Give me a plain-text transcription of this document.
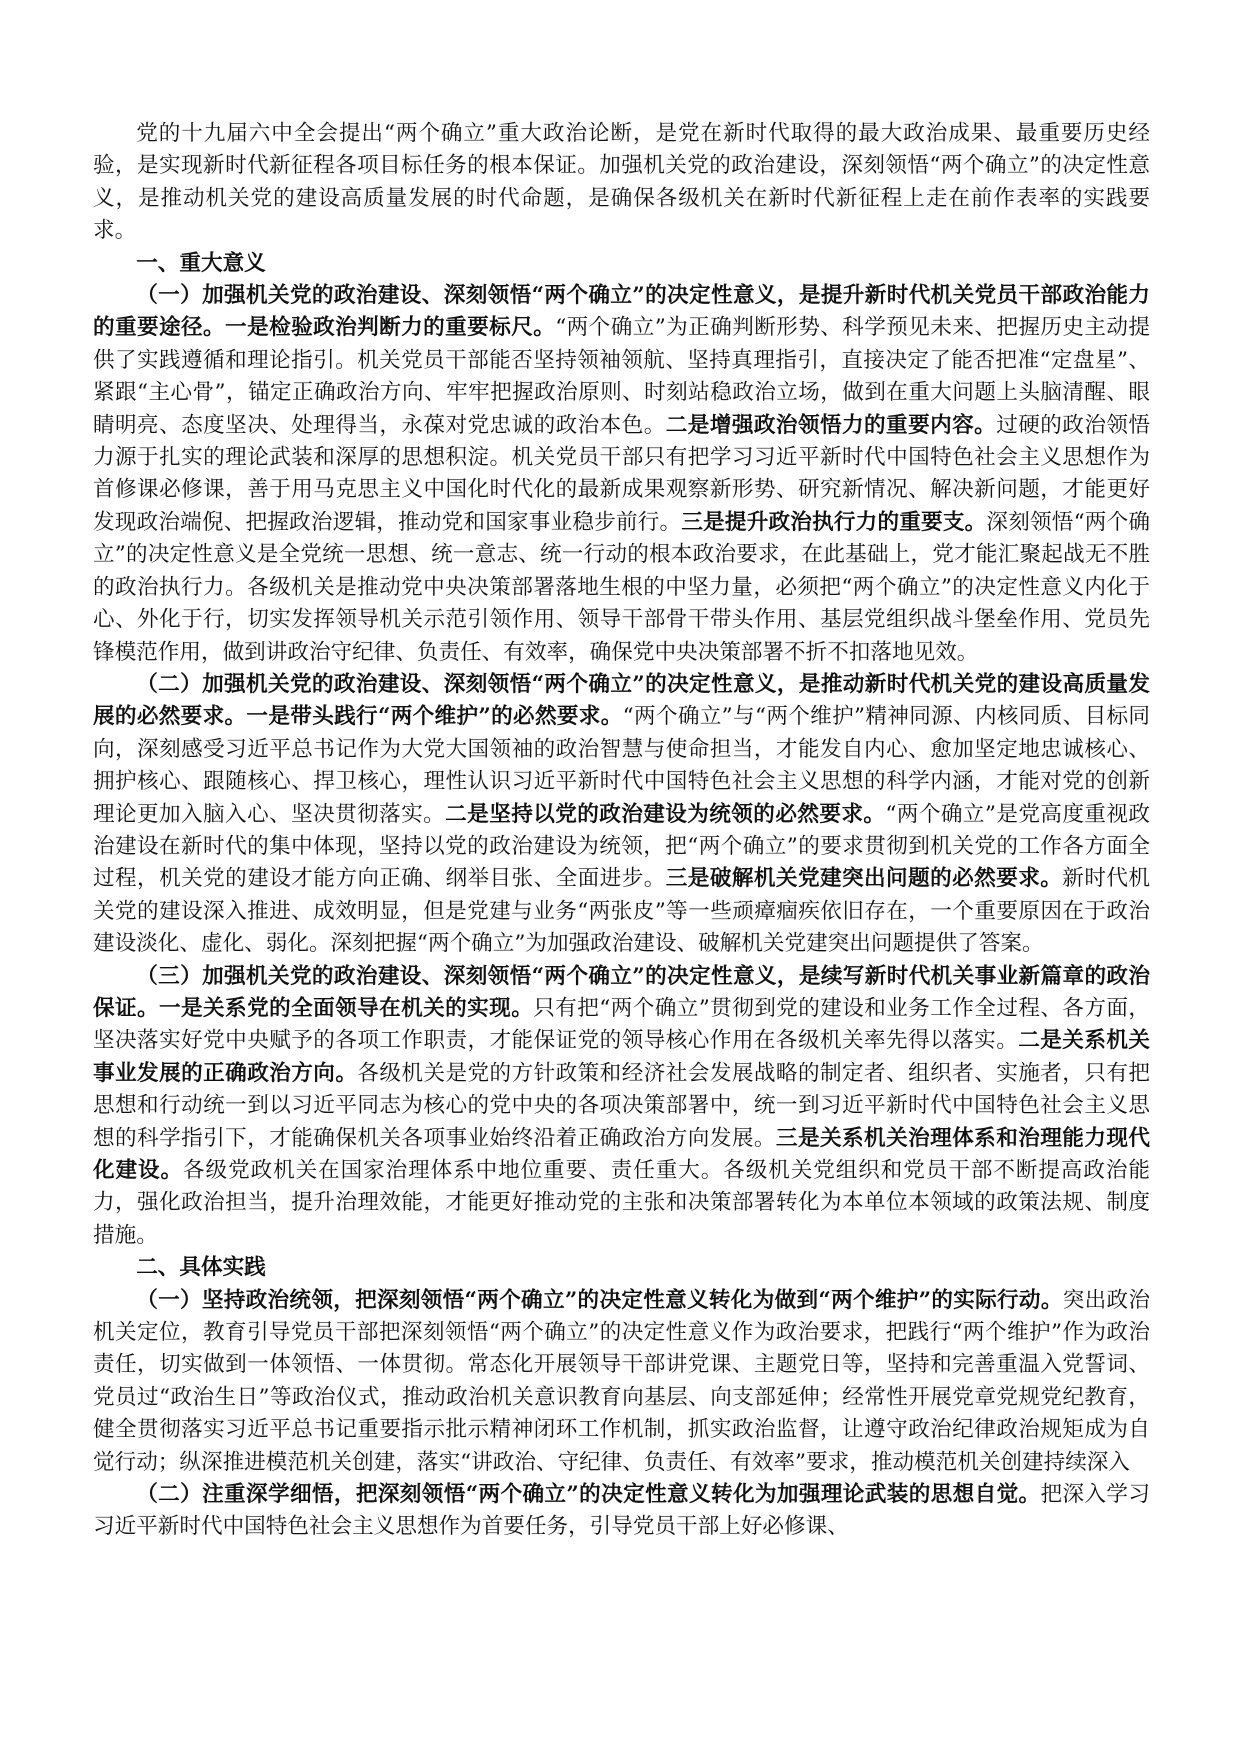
党的十九届六中全会提出“两个确立”重大政治论断，是党在新时代取得的最大政治成果、最重要历史经验，是实现新时代新征程各项目标任务的根本保证。加强机关党的政治建设，深刻领悟“两个确立”的决定性意义，是推动机关党的建设高质量发展的时代命题，是确保各级机关在新时代新征程上走在前作表率的实践要求。

一、重大意义

（一）加强机关党的政治建设、深刻领悟“两个确立”的决定性意义，是提升新时代机关党员干部政治能力的重要途径。一是检验政治判断力的重要标尺。“两个确立”为正确判断形势、科学预见未来、把握历史主动提供了实践遵循和理论指引。机关党员干部能否坚持领袖领航、坚持真理指引，直接决定了能否把准“定盘星”、紧跟“主心骨”，锚定正确政治方向、牢牢把握政治原则、时刻站稳政治立场，做到在重大问题上头脑清醒、眼睛明亮、态度坚决、处理得当，永葆对党忠诚的政治本色。二是增强政治领悟力的重要内容。过硬的政治领悟力源于扎实的理论武装和深厚的思想积淀。机关党员干部只有把学习习近平新时代中国特色社会主义思想作为首修课必修课，善于用马克思主义中国化时代化的最新成果观察新形势、研究新情况、解决新问题，才能更好发现政治端倪、把握政治逻辑，推动党和国家事业稳步前行。三是提升政治执行力的重要支。深刻领悟“两个确立”的决定性意义是全党统一思想、统一意志、统一行动的根本政治要求，在此基础上，党才能汇聚起战无不胜的政治执行力。各级机关是推动党中央决策部署落地生根的中坚力量，必须把“两个确立”的决定性意义内化于心、外化于行，切实发挥领导机关示范引领作用、领导干部骨干带头作用、基层党组织战斗堡垒作用、党员先锋模范作用，做到讲政治守纪律、负责任、有效率，确保党中央决策部署不折不扣落地见效。

（二）加强机关党的政治建设、深刻领悟“两个确立”的决定性意义，是推动新时代机关党的建设高质量发展的必然要求。一是带头践行“两个维护”的必然要求。“两个确立”与“两个维护”精神同源、内核同质、目标同向，深刻感受习近平总书记作为大党大国领袖的政治智慧与使命担当，才能发自内心、愈加坚定地忠诚核心、拥护核心、跟随核心、捍卫核心，理性认识习近平新时代中国特色社会主义思想的科学内涵，才能对党的创新理论更加入脑入心、坚决贯彻落实。二是坚持以党的政治建设为统领的必然要求。“两个确立”是党高度重视政治建设在新时代的集中体现，坚持以党的政治建设为统领，把“两个确立”的要求贯彻到机关党的工作各方面全过程，机关党的建设才能方向正确、纲举目张、全面进步。三是破解机关党建突出问题的必然要求。新时代机关党的建设深入推进、成效明显，但是党建与业务“两张皮”等一些顽瘴痼疾依旧存在，一个重要原因在于政治建设淡化、虚化、弱化。深刻把握“两个确立”为加强政治建设、破解机关党建突出问题提供了答案。

（三）加强机关党的政治建设、深刻领悟“两个确立”的决定性意义，是续写新时代机关事业新篇章的政治保证。一是关系党的全面领导在机关的实现。只有把“两个确立”贯彻到党的建设和业务工作全过程、各方面，坚决落实好党中央赋予的各项工作职责，才能保证党的领导核心作用在各级机关率先得以落实。二是关系机关事业发展的正确政治方向。各级机关是党的方针政策和经济社会发展战略的制定者、组织者、实施者，只有把思想和行动统一到以习近平同志为核心的党中央的各项决策部署中，统一到习近平新时代中国特色社会主义思想的科学指引下，才能确保机关各项事业始终沿着正确政治方向发展。三是关系机关治理体系和治理能力现代化建设。各级党政机关在国家治理体系中地位重要、责任重大。各级机关党组织和党员干部不断提高政治能力，强化政治担当，提升治理效能，才能更好推动党的主张和决策部署转化为本单位本领域的政策法规、制度措施。

二、具体实践

（一）坚持政治统领，把深刻领悟“两个确立”的决定性意义转化为做到“两个维护”的实际行动。突出政治机关定位，教育引导党员干部把深刻领悟“两个确立”的决定性意义作为政治要求，把践行“两个维护”作为政治责任，切实做到一体领悟、一体贯彻。常态化开展领导干部讲党课、主题党日等，坚持和完善重温入党誓词、党员过“政治生日”等政治仪式，推动政治机关意识教育向基层、向支部延伸；经常性开展党章党规党纪教育，健全贯彻落实习近平总书记重要指示批示精神闭环工作机制，抓实政治监督，让遵守政治纪律政治规矩成为自觉行动；纵深推进模范机关创建，落实“讲政治、守纪律、负责任、有效率”要求，推动模范机关创建持续深入

（二）注重深学细悟，把深刻领悟“两个确立”的决定性意义转化为加强理论武装的思想自觉。把深入学习习近平新时代中国特色社会主义思想作为首要任务，引导党员干部上好必修课、
